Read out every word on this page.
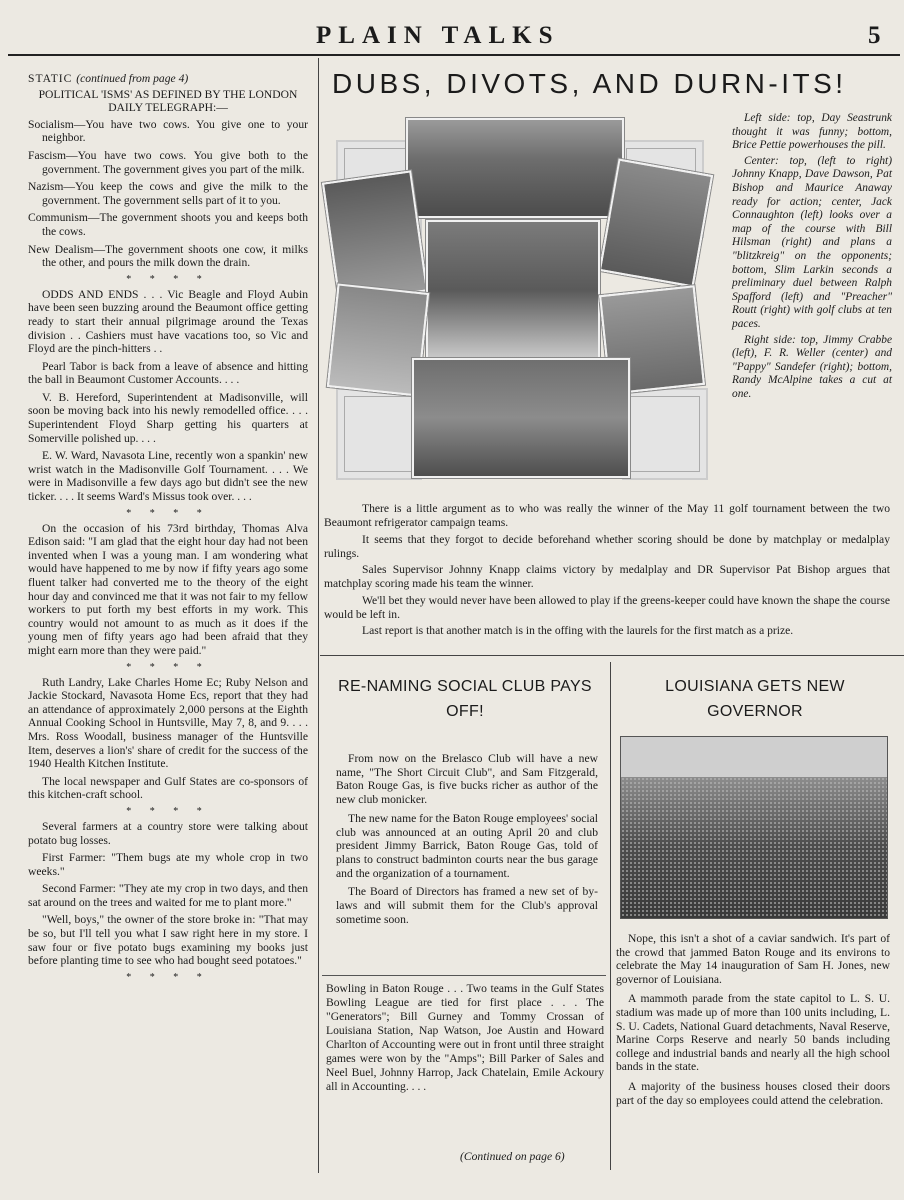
PLAIN TALKS	5

STATIC (continued from page 4)

POLITICAL 'ISMS' AS DEFINED BY THE LONDON DAILY TELEGRAPH:—

Socialism—You have two cows. You give one to your neighbor.

Fascism—You have two cows. You give both to the government. The government gives you part of the milk.

Nazism—You keep the cows and give the milk to the government. The government sells part of it to you.

Communism—The government shoots you and keeps both the cows.

New Dealism—The government shoots one cow, it milks the other, and pours the milk down the drain.

* * * *

ODDS AND ENDS . . . Vic Beagle and Floyd Aubin have been seen buzzing around the Beaumont office getting ready to start their annual pilgrimage around the Texas division . . Cashiers must have vacations too, so Vic and Floyd are the pinch-hitters . .

Pearl Tabor is back from a leave of absence and hitting the ball in Beaumont Customer Accounts. . . .

V. B. Hereford, Superintendent at Madisonville, will soon be moving back into his newly remodelled office. . . . Superintendent Floyd Sharp getting his quarters at Somerville polished up. . . .

E. W. Ward, Navasota Line, recently won a spankin' new wrist watch in the Madisonville Golf Tournament. . . . We were in Madisonville a few days ago but didn't see the new ticker. . . . It seems Ward's Missus took over. . . .

* * * *

On the occasion of his 73rd birthday, Thomas Alva Edison said: "I am glad that the eight hour day had not been invented when I was a young man. I am wondering what would have happened to me by now if fifty years ago some fluent talker had converted me to the theory of the eight hour day and convinced me that it was not fair to my fellow workers to put forth my best efforts in my work. This country would not amount to as much as it does if the young men of fifty years ago had been afraid that they might earn more than they were paid."

* * * *

Ruth Landry, Lake Charles Home Ec; Ruby Nelson and Jackie Stockard, Navasota Home Ecs, report that they had an attendance of approximately 2,000 persons at the Eighth Annual Cooking School in Huntsville, May 7, 8, and 9. . . . Mrs. Ross Woodall, business manager of the Huntsville Item, deserves a lion's' share of credit for the success of the 1940 Health Kitchen Institute.

The local newspaper and Gulf States are co-sponsors of this kitchen-craft school.

* * * *

Several farmers at a country store were talking about potato bug losses.

First Farmer: "Them bugs ate my whole crop in two weeks."

Second Farmer: "They ate my crop in two days, and then sat around on the trees and waited for me to plant more."

"Well, boys," the owner of the store broke in: "That may be so, but I'll tell you what I saw right here in my store. I saw four or five potato bugs examining my books just before planting time to see who had bought seed potatoes."

* * * *
DUBS, DIVOTS, AND DURN-ITS!

Left side: top, Day Seastrunk thought it was funny; bottom, Brice Pettie powerhouses the pill.

Center: top, (left to right) Johnny Knapp, Dave Dawson, Pat Bishop and Maurice Anaway ready for action; center, Jack Connaughton (left) looks over a map of the course with Bill Hilsman (right) and plans a "blitzkreig" on the opponents; bottom, Slim Larkin seconds a preliminary duel between Ralph Spafford (left) and "Preacher" Routt (right) with golf clubs at ten paces.

Right side: top, Jimmy Crabbe (left), F. R. Weller (center) and "Pappy" Sandefer (right); bottom, Randy McAlpine takes a cut at one.

There is a little argument as to who was really the winner of the May 11 golf tournament between the two Beaumont refrigerator campaign teams.

It seems that they forgot to decide beforehand whether scoring should be done by matchplay or medalplay rulings.

Sales Supervisor Johnny Knapp claims victory by medalplay and DR Supervisor Pat Bishop argues that matchplay scoring made his team the winner.

We'll bet they would never have been allowed to play if the greens-keeper could have known the shape the course would be left in.

Last report is that another match is in the offing with the laurels for the first match as a prize.

RE-NAMING SOCIAL CLUB PAYS OFF!

From now on the Brelasco Club will have a new name, "The Short Circuit Club", and Sam Fitzgerald, Baton Rouge Gas, is five bucks richer as author of the new club monicker.

The new name for the Baton Rouge employees' social club was announced at an outing April 20 and club president Jimmy Barrick, Baton Rouge Gas, told of plans to construct badminton courts near the bus garage and the organization of a tournament.

The Board of Directors has framed a new set of by-laws and will submit them for the Club's approval sometime soon.

Bowling in Baton Rouge . . . Two teams in the Gulf States Bowling League are tied for first place . . . The "Generators"; Bill Gurney and Tommy Crossan of Louisiana Station, Nap Watson, Joe Austin and Howard Charlton of Accounting were out in front until three straight games were won by the "Amps"; Bill Parker of Sales and Neel Buel, Johnny Harrop, Jack Chatelain, Emile Ackoury all in Accounting. . . .

(Continued on page 6)
LOUISIANA GETS NEW GOVERNOR

Nope, this isn't a shot of a caviar sandwich. It's part of the crowd that jammed Baton Rouge and its environs to celebrate the May 14 inauguration of Sam H. Jones, new governor of Louisiana.

A mammoth parade from the state capitol to L. S. U. stadium was made up of more than 100 units including, L. S. U. Cadets, National Guard detachments, Naval Reserve, Marine Corps Reserve and nearly 50 bands including college and industrial bands and nearly all the high school bands in the state.

A majority of the business houses closed their doors part of the day so employees could attend the celebration.
